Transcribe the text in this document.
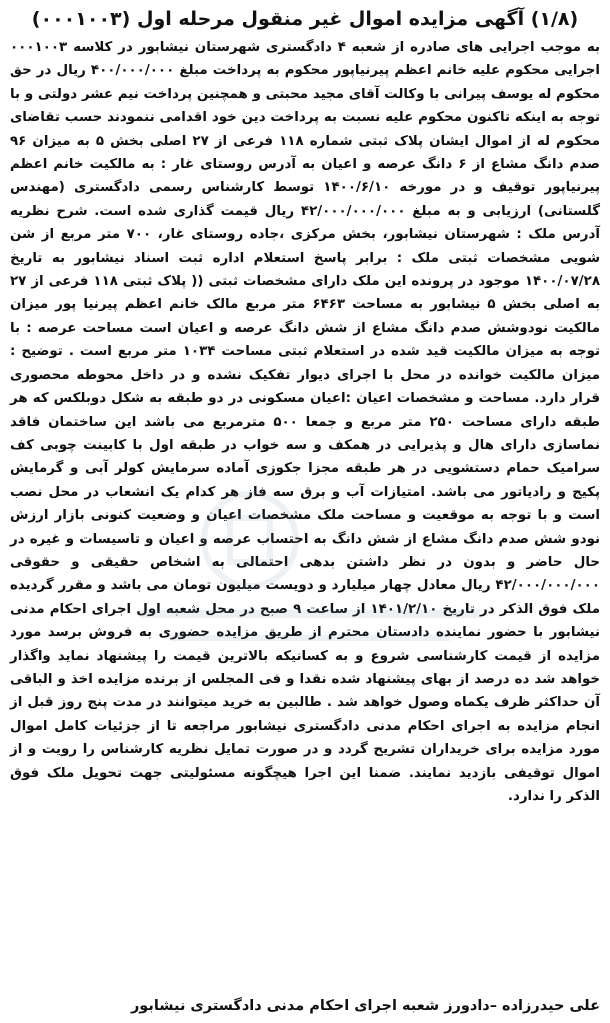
(۱/۸) آگهی مزایده اموال غیر منقول مرحله اول (۰۰۰۱۰۰۳)

به موجب اجرایی های صادره از شعبه ۴ دادگستری شهرستان نیشابور در کلاسه ۰۰۰۱۰۰۳ اجرایی محکوم علیه خانم اعظم پیرنیاپور محکوم به پرداخت مبلغ ۴۰۰/۰۰۰/۰۰۰ ریال در حق محکوم له یوسف پیرانی با وکالت آقای مجید محبتی و همچنین پرداخت نیم عشر دولتی و با توجه به اینکه تاکنون محکوم علیه نسبت به پرداخت دین خود اقدامی ننمودند حسب تقاضای محکوم له از اموال ایشان پلاک ثبتی شماره ۱۱۸ فرعی از ۲۷ اصلی بخش ۵ به میزان ۹۶ صدم دانگ مشاع از ۶ دانگ عرصه و اعیان به آدرس روستای غار : به مالکیت خانم اعظم پیرنیاپور توقیف و در مورخه ۱۴۰۰/۶/۱۰ توسط کارشناس رسمی دادگستری (مهندس گلستانی) ارزیابی و به مبلغ ۴۲/۰۰۰/۰۰۰/۰۰۰ ریال قیمت گذاری شده است. شرح نظریه آدرس ملک : شهرستان نیشابور، بخش مرکزی ،جاده روستای غار، ۷۰۰ متر مربع از شن شویی مشخصات ثبتی ملک : برابر پاسخ استعلام اداره ثبت اسناد نیشابور به تاریخ ۱۴۰۰/۰۷/۲۸ موجود در پرونده این ملک دارای مشخصات ثبتی (( پلاک ثبتی ۱۱۸ فرعی از ۲۷ به اصلی بخش ۵ نیشابور به مساحت ۶۴۶۳ متر مربع مالک خانم اعظم پیرنیا پور میزان مالکیت نودوشش صدم دانگ مشاع از شش دانگ عرصه و اعیان است مساحت عرصه : با توجه به میزان مالکیت قید شده در استعلام ثبتی مساحت ۱۰۳۴ متر مربع است . توضیح : میزان مالکیت خوانده در محل با اجرای دیوار تفکیک نشده و در داخل محوطه محصوری قرار دارد. مساحت و مشخصات اعیان :اعیان مسکونی در دو طبقه به شکل دوبلکس که هر طبقه دارای مساحت ۲۵۰ متر مربع و جمعا ۵۰۰ مترمربع می باشد این ساختمان فاقد نماسازی دارای هال و پذیرایی در همکف و سه خواب در طبقه اول با کابینت چوبی کف سرامیک حمام دستشویی در هر طبقه مجزا جکوزی آماده سرمایش کولر آبی و گرمایش پکیج و رادیاتور می باشد. امتیازات آب و برق سه فاز هر کدام یک انشعاب در محل نصب است و با توجه به موقعیت و مساحت ملک مشخصات اعیان و وضعیت کنونی بازار ارزش نودو شش صدم دانگ مشاع از شش دانگ به احتساب عرصه و اعیان و تاسیسات و غیره در حال حاضر و بدون در نظر داشتن بدهی احتمالی به اشخاص حقیقی و حقوقی ۴۲/۰۰۰/۰۰۰/۰۰۰ ریال معادل چهار میلیارد و دویست میلیون تومان می باشد و مقرر گردیده ملک فوق الذکر در تاریخ ۱۴۰۱/۲/۱۰ از ساعت ۹ صبح در محل شعبه اول اجرای احکام مدنی نیشابور با حضور نماینده دادستان محترم از طریق مزایده حضوری به فروش برسد مورد مزایده از قیمت کارشناسی شروع و به کسانیکه بالاترین قیمت را پیشنهاد نماید واگذار خواهد شد ده درصد از بهای پیشنهاد شده نقدا و فی المجلس از برنده مزایده اخذ و الباقی آن حداکثر ظرف یکماه وصول خواهد شد . طالبین به خرید میتوانند در مدت پنج روز قبل از انجام مزایده به اجرای احکام مدنی دادگستری نیشابور مراجعه تا از جزئیات کامل اموال مورد مزایده برای خریداران تشریح گردد و در صورت تمایل نظریه کارشناس را رویت و از اموال توقیفی بازدید نمایند. ضمنا این اجرا هیچگونه مسئولیتی جهت تحویل ملک فوق الذکر را ندارد.

علی حیدرزاده –دادورز شعبه اجرای احکام مدنی دادگستری نیشابور
